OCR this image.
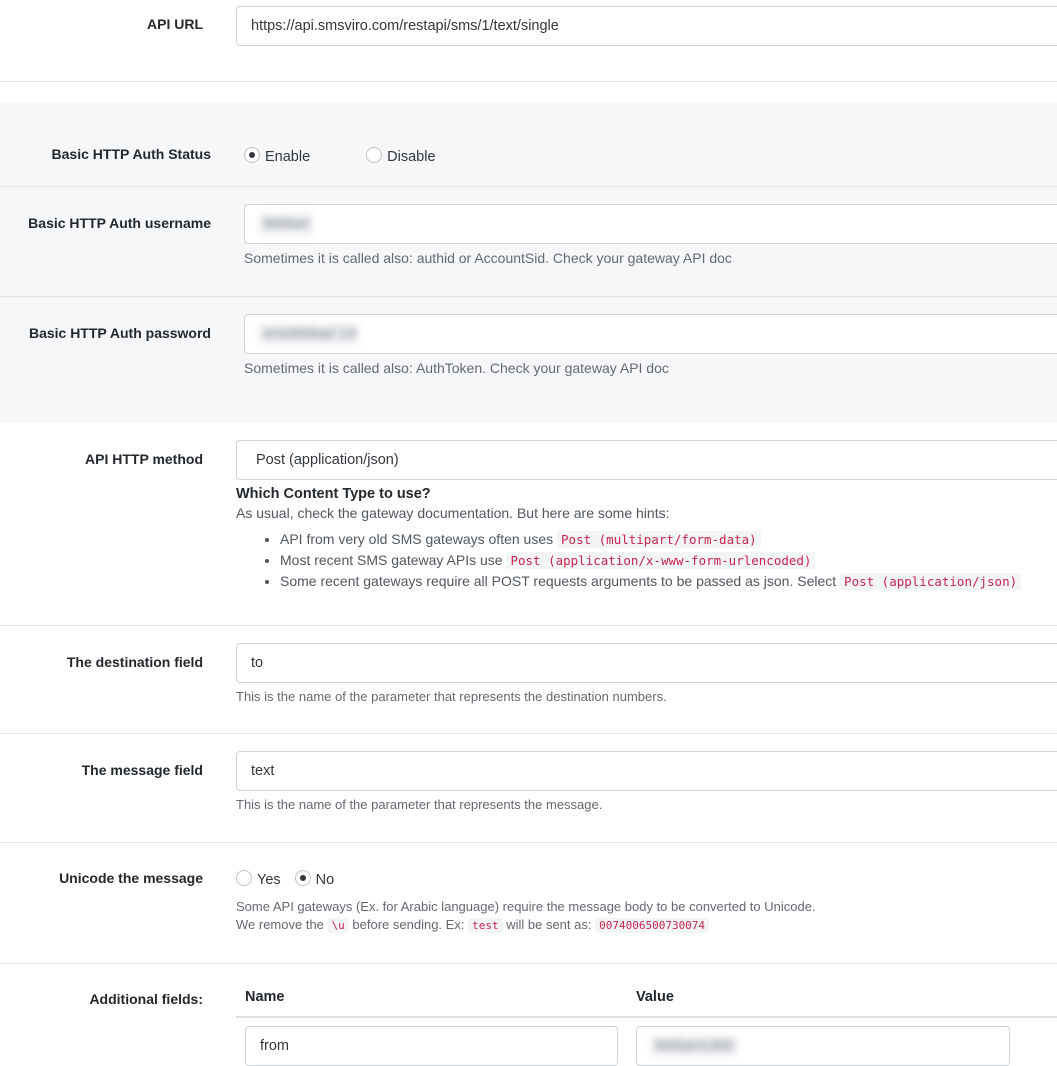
API URL	https://api.smsviro.com/restapi/sms/1/text/single
Basic HTTP Auth Status	Enable	Disable
Basic HTTP Auth username	Webari
Sometimes it is called also: authid or AccountSid. Check your gateway API doc
Basic HTTP Auth password	smsWebari 13
Sometimes it is called also: AuthToken. Check your gateway API doc
API HTTP method	Post (application/json)
Which Content Type to use?
As usual, check the gateway documentation. But here are some hints:
• API from very old SMS gateways often uses Post (multipart/form-data)
• Most recent SMS gateway APIs use Post (application/x-www-form-urlencoded)
• Some recent gateways require all POST requests arguments to be passed as json. Select Post (application/json)
The destination field	to
This is the name of the parameter that represents the destination numbers.
The message field	text
This is the name of the parameter that represents the message.
Unicode the message	Yes No
Some API gateways (Ex. for Arabic language) require the message body to be converted to Unicode.
We remove the \u before sending. Ex: test will be sent as: 0074006500730074
Additional fields:	Name	Value
from	Webari1300
